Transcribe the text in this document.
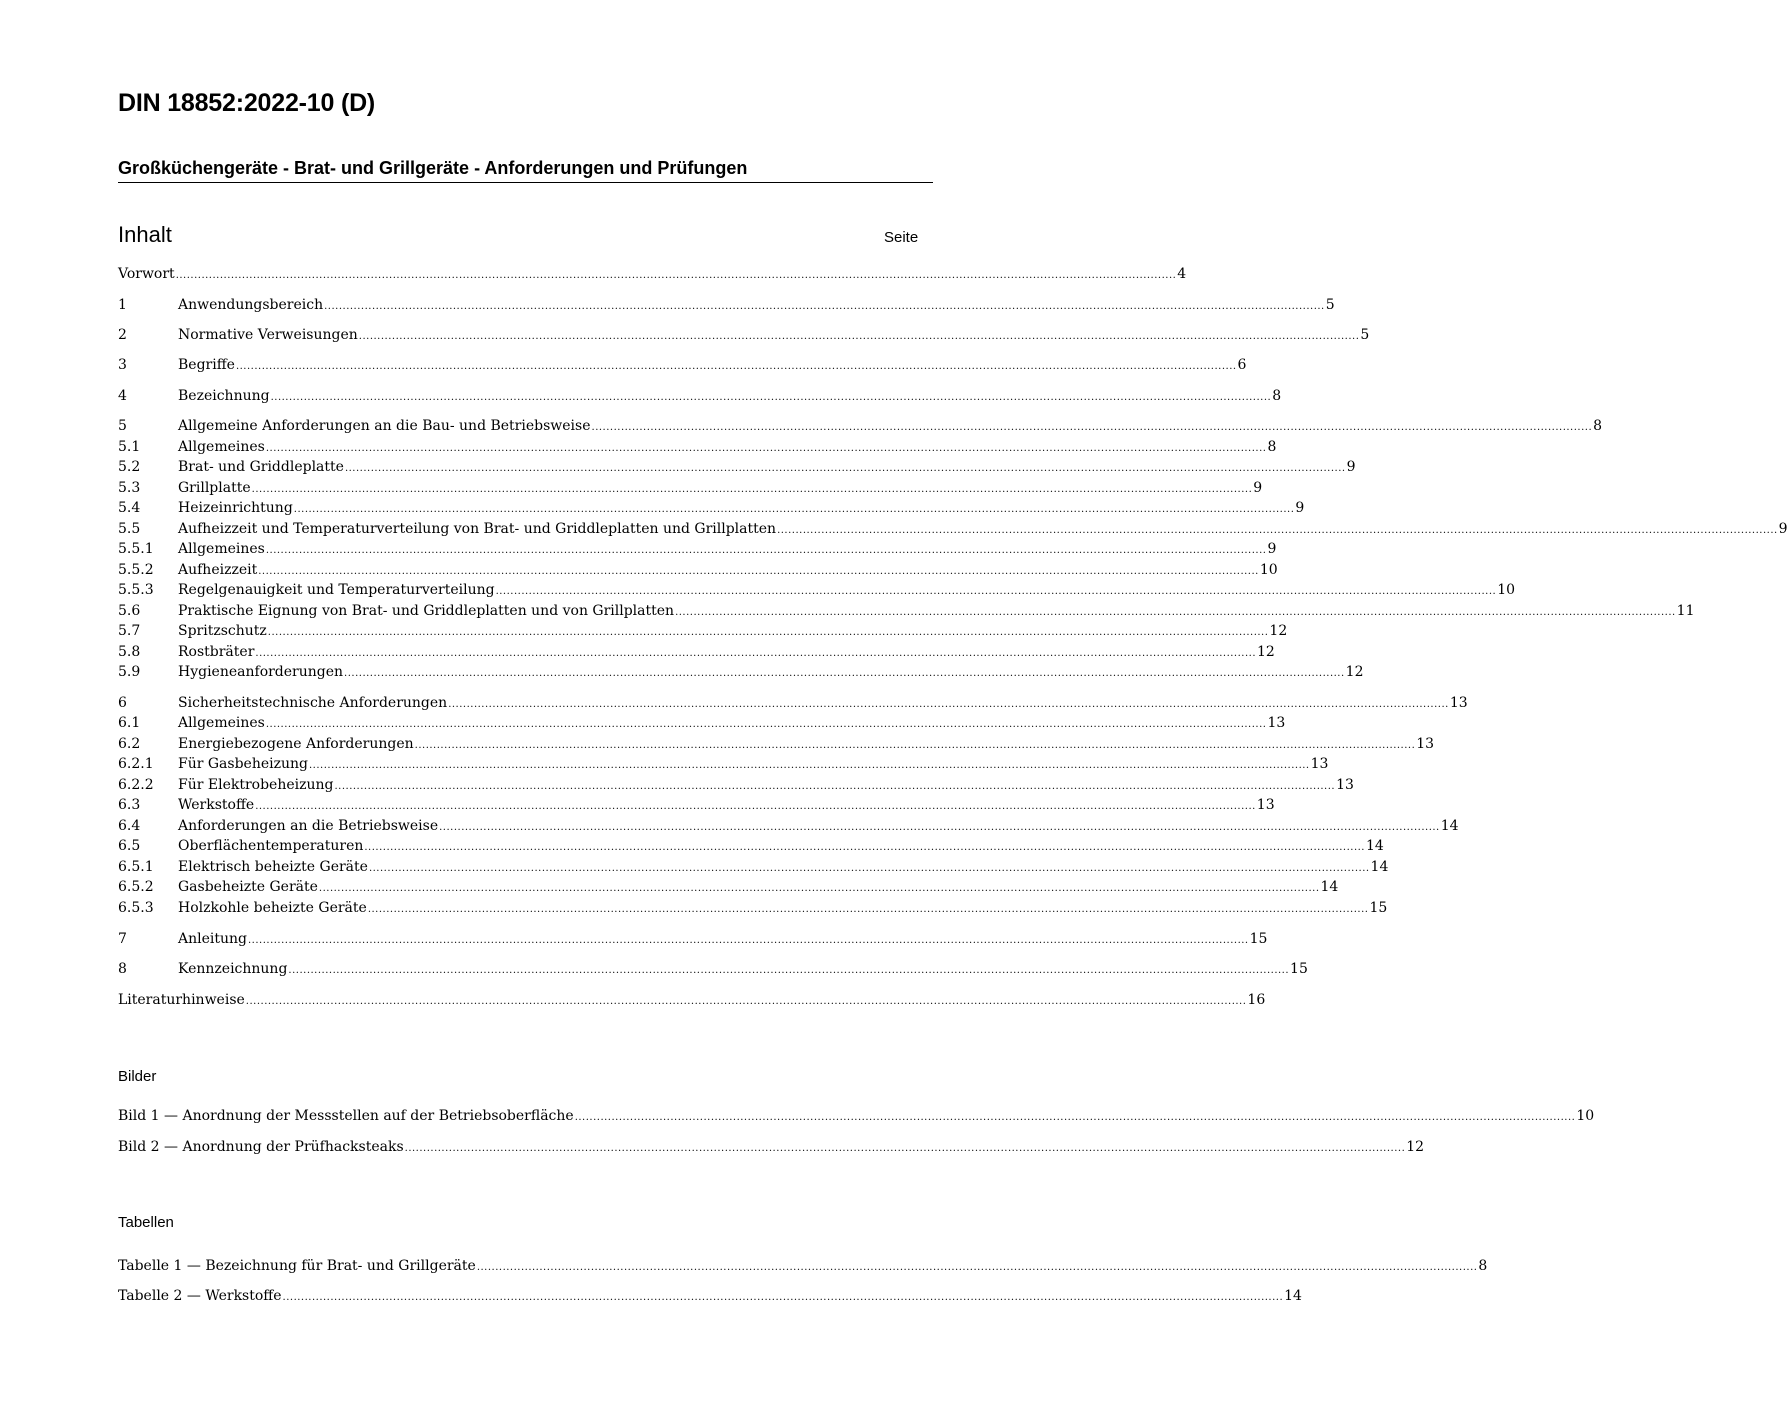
DIN 18852:2022-10 (D)
Großküchengeräte - Brat- und Grillgeräte - Anforderungen und Prüfungen
Inhalt	Seite
Vorwort .....	4
1	Anwendungsbereich .....	5
2	Normative Verweisungen .....	5
3	Begriffe .....	6
4	Bezeichnung .....	8
5	Allgemeine Anforderungen an die Bau- und Betriebsweise .....	8
5.1	Allgemeines .....	8
5.2	Brat- und Griddleplatte .....	9
5.3	Grillplatte .....	9
5.4	Heizeinrichtung .....	9
5.5	Aufheizzeit und Temperaturverteilung von Brat- und Griddleplatten und Grillplatten .....	9
5.5.1	Allgemeines .....	9
5.5.2	Aufheizzeit .....	10
5.5.3	Regelgenauigkeit und Temperaturverteilung .....	10
5.6	Praktische Eignung von Brat- und Griddleplatten und von Grillplatten .....	11
5.7	Spritzschutz .....	12
5.8	Rostbräter .....	12
5.9	Hygieneanforderungen .....	12
6	Sicherheitstechnische Anforderungen .....	13
6.1	Allgemeines .....	13
6.2	Energiebezogene Anforderungen .....	13
6.2.1	Für Gasbeheizung .....	13
6.2.2	Für Elektrobeheizung .....	13
6.3	Werkstoffe .....	13
6.4	Anforderungen an die Betriebsweise .....	14
6.5	Oberflächentemperaturen .....	14
6.5.1	Elektrisch beheizte Geräte .....	14
6.5.2	Gasbeheizte Geräte .....	14
6.5.3	Holzkohle beheizte Geräte .....	15
7	Anleitung .....	15
8	Kennzeichnung .....	15
Literaturhinweise .....	16
Bilder
Bild 1 — Anordnung der Messstellen auf der Betriebsoberfläche .....	10
Bild 2 — Anordnung der Prüfhacksteaks .....	12
Tabellen
Tabelle 1 — Bezeichnung für Brat- und Grillgeräte .....	8
Tabelle 2 — Werkstoffe .....	14
